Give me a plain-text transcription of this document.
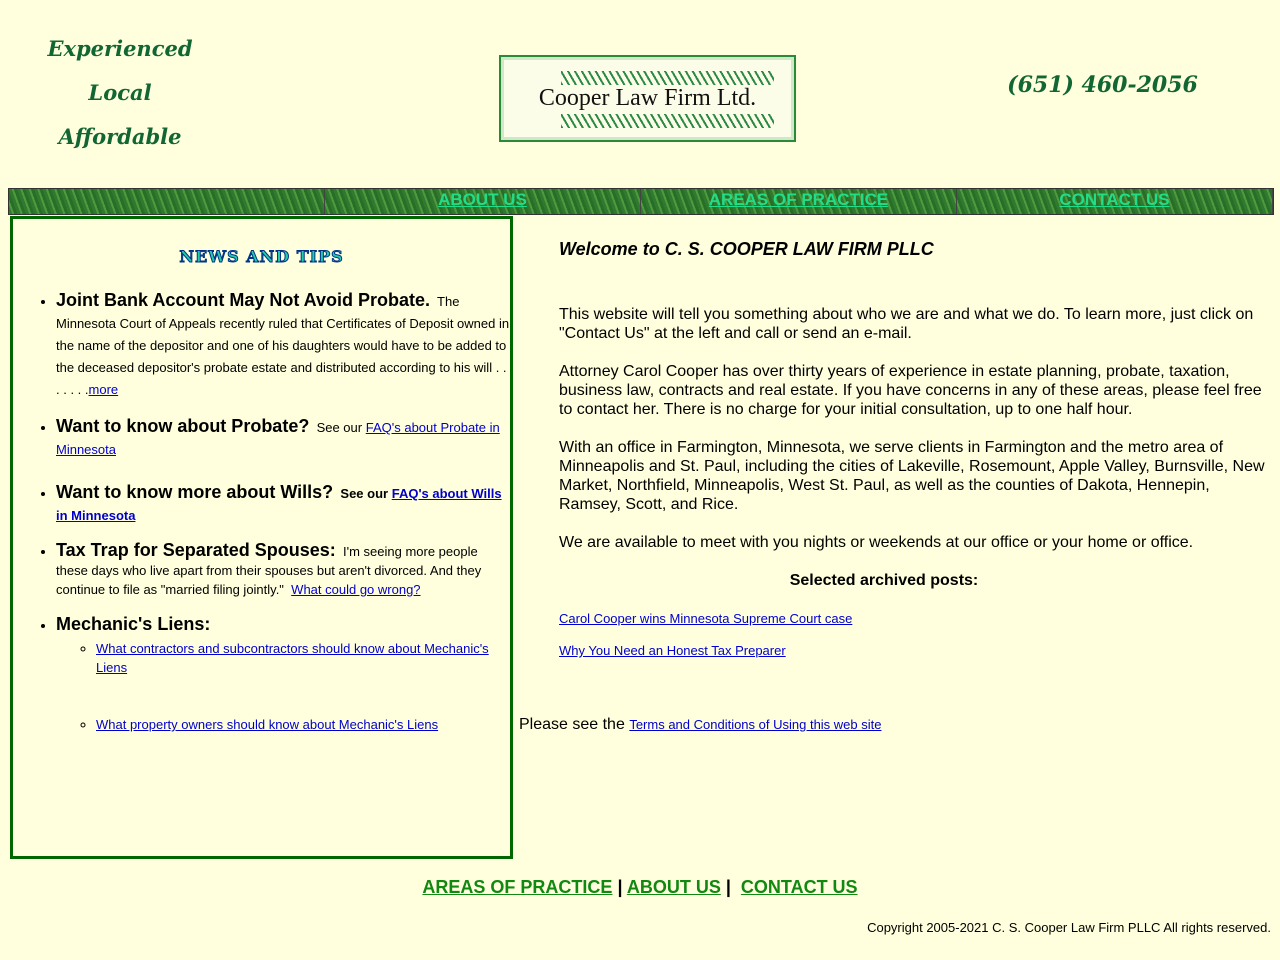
Experienced
Local
Affordable
Cooper Law Firm Ltd.	(651) 460-2056
ABOUT US	AREAS OF PRACTICE	CONTACT US
NEWS AND TIPS
• Joint Bank Account May Not Avoid Probate. The Minnesota Court of Appeals recently ruled that Certificates of Deposit owned in the name of the depositor and one of his daughters would have to be added to the deceased depositor's probate estate and distributed according to his will . . . . . . .more
• Want to know about Probate? See our FAQ's about Probate in Minnesota
• Want to know more about Wills? See our FAQ's about Wills in Minnesota
• Tax Trap for Separated Spouses: I'm seeing more people these days who live apart from their spouses but aren't divorced. And they continue to file as "married filing jointly." What could go wrong?
• Mechanic's Liens:
◦ What contractors and subcontractors should know about Mechanic's Liens
◦ What property owners should know about Mechanic's Liens

Welcome to C. S. COOPER LAW FIRM PLLC

This website will tell you something about who we are and what we do. To learn more, just click on "Contact Us" at the left and call or send an e-mail.

Attorney Carol Cooper has over thirty years of experience in estate planning, probate, taxation, business law, contracts and real estate. If you have concerns in any of these areas, please feel free to contact her. There is no charge for your initial consultation, up to one half hour.

With an office in Farmington, Minnesota, we serve clients in Farmington and the metro area of Minneapolis and St. Paul, including the cities of Lakeville, Rosemount, Apple Valley, Burnsville, New Market, Northfield, Minneapolis, West St. Paul, as well as the counties of Dakota, Hennepin, Ramsey, Scott, and Rice.

We are available to meet with you nights or weekends at our office or your home or office.

Selected archived posts:

Carol Cooper wins Minnesota Supreme Court case

Why You Need an Honest Tax Preparer

Please see the Terms and Conditions of Using this web site
AREAS OF PRACTICE | ABOUT US | CONTACT US
Copyright 2005-2021 C. S. Cooper Law Firm PLLC All rights reserved.
